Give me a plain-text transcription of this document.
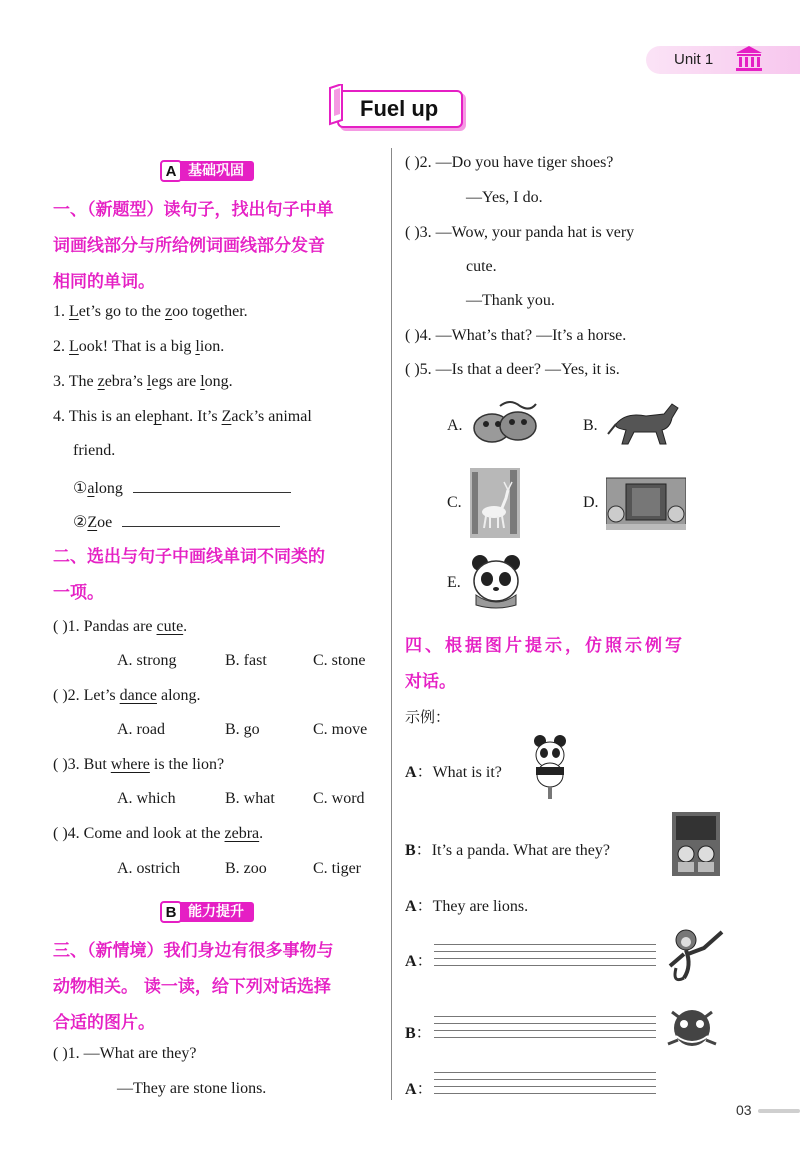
Unit 1
Fuel up
A 基础巩固
一、（新题型）读句子，找出句子中单
词画线部分与所给例词画线部分发音
相同的单词。
1. Let’s go to the zoo together.
2. Look! That is a big lion.
3. The zebra’s legs are long.
4. This is an elephant. It’s Zack’s animal
friend.
①along
②Zoe
二、选出与句子中画线单词不同类的
一项。
( )1. Pandas are cute.
A. strong	B. fast	C. stone
( )2. Let’s dance along.
A. road	B. go	C. move
( )3. But where is the lion?
A. which	B. what C. word
( )4. Come and look at the zebra.
A. ostrich	B. zoo	C. tiger
B 能力提升
三、（新情境）我们身边有很多事物与
动物相关。 读一读，给下列对话选择
合适的图片。
( )1. —What are they?
—They are stone lions.
( )2. —Do you have tiger shoes?
—Yes, I do.
( )3. —Wow, your panda hat is very
cute.
—Thank you.
( )4. —What’s that? —It’s a horse.
( )5. —Is that a deer? —Yes, it is.
A.	B.
C.	D.
E.
四、根据图片提示，仿照示例写
对话。
示例：
A：What is it?
B：It’s a panda. What are they?
A：They are lions.
A：
B：
A：
03
